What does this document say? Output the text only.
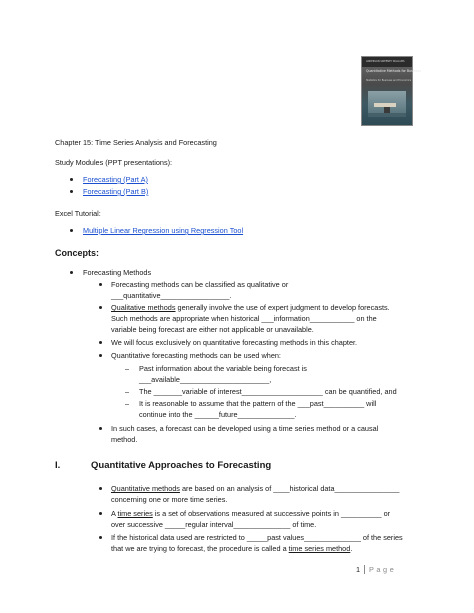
Quantitative Methods for Business
Statistics for Business and Economics
ANDERSON SWEENEY WILLIAMS
Chapter 15: Time Series Analysis and Forecasting
Study Modules (PPT presentations):
Forecasting (Part A)
Forecasting (Part B)
Excel Tutorial:
Multiple Linear Regression using Regression Tool
Concepts:
Forecasting Methods
Forecasting methods can be classified as qualitative or
___quantitative_________________.
Qualitative methods generally involve the use of expert judgment to develop forecasts.
Such methods are appropriate when historical ___information___________ on the
variable being forecast are either not applicable or unavailable.
We will focus exclusively on quantitative forecasting methods in this chapter.
Quantitative forecasting methods can be used when:
– Past information about the variable being forecast is
___available______________________,
– The _______variable of interest____________________ can be quantified, and
– It is reasonable to assume that the pattern of the ___past__________ will
continue into the ______future______________.
In such cases, a forecast can be developed using a time series method or a causal
method.
I.	Quantitative Approaches to Forecasting
Quantitative methods are based on an analysis of ____historical data________________
concerning one or more time series.
A time series is a set of observations measured at successive points in __________ or
over successive _____regular interval______________ of time.
If the historical data used are restricted to _____past values______________ of the series
that we are trying to forecast, the procedure is called a time series method.
1 P a g e
